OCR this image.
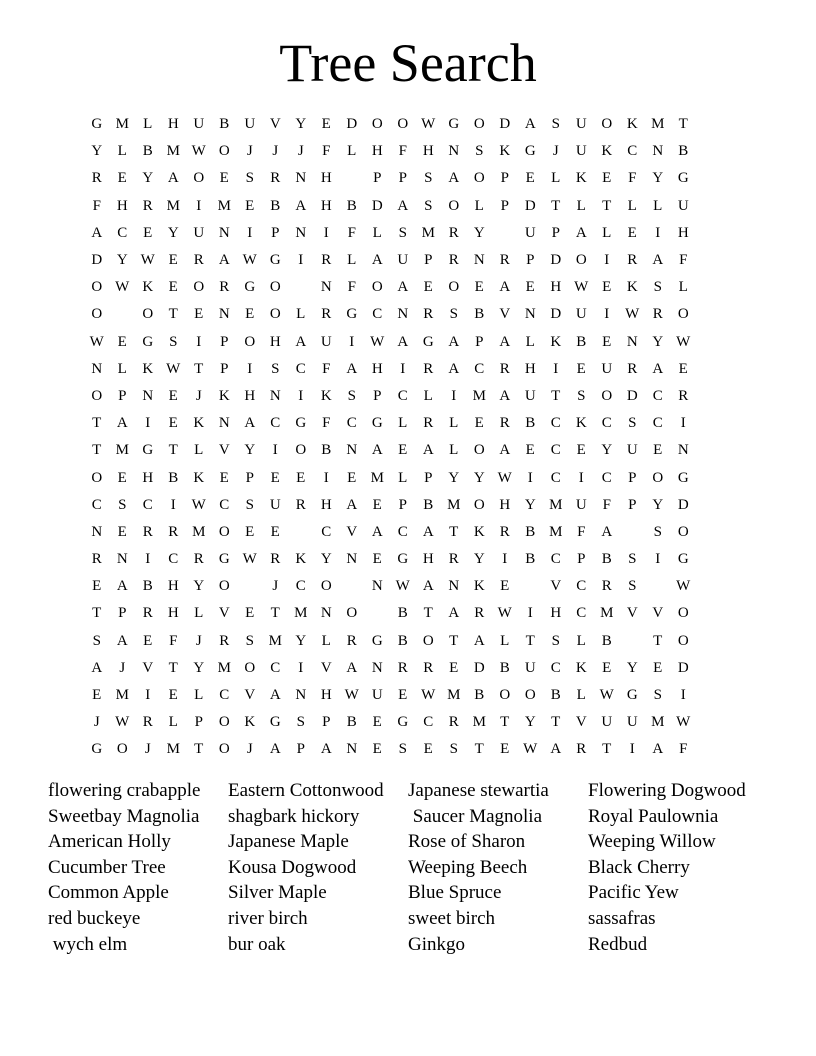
Tree Search
G M L	H U	B	U V Y	E	D O O W G O D A	S	U O K M T
Y	L	B M W O	J	J	J	F	L	H	F	H N	S	K G	J	U K	C	N	B
R	E	Y A O	E	S	R	N H	P	P	S	A O	P	E	L	K	E	F	Y G
F	H	R M	I	M E	B	A H	B	D A	S	O	L	P	D	T	L	T	L	L	U
A	C	E	Y U N	I	P	N	I	F	L	S M R	Y	U	P	A	L	E	I	H
D Y W E	R	A W G	I	R	L	A U	P	R	N	R	P	D O	I	R	A	F
O W K	E	O	R	G O	N	F	O A	E	O	E	A	E	H W E	K	S	L
O	O	T	E	N	E	O	L	R	G	C	N	R	S	B	V N D U	I	W R	O
W E	G	S	I	P	O H A U	I	W A G A	P	A	L	K	B	E	N Y W
N	L	K W T	P	I	S	C	F	A H	I	R	A	C	R	H	I	E	U	R	A	E
O	P	N	E	J	K H N	I	K	S	P	C	L	I	M A U	T	S	O D	C	R
T	A	I	E	K N A	C	G	F	C	G	L	R	L	E	R	B	C	K	C	S	C	I
T M G	T	L	V Y	I	O	B	N A	E	A	L	O A	E	C	E	Y U	E	N
O	E	H	B	K	E	P	E	E	I	E M L	P	Y Y W	I	C	I	C	P	O G
C	S	C	I	W C	S	U	R	H A	E	P	B M O H Y M U	F	P	Y D
N	E	R	R M O	E	E	C	V A	C	A	T	K	R	B M F	A	S	O
R	N	I	C	R	G W R	K Y N	E	G H	R	Y	I	B	C	P	B	S	I	G
E	A	B	H Y O	J	C	O	N W A N K	E	V	C	R	S	W
T	P	R	H	L	V	E	T M N O	B	T	A	R W	I	H	C M V V O
S	A	E	F	J	R	S M Y	L	R	G	B	O	T	A	L	T	S	L	B	T	O
A	J	V	T	Y M O	C	I	V A N	R	R	E	D	B	U	C	K	E	Y	E	D
E M	I	E	L	C	V A N H W U	E W M B	O O	B	L W G	S	I
J	W R	L	P	O K G	S	P	B	E	G	C	R M T	Y	T	V U U M W
G O	J	M T	O	J	A	P	A N	E	S	E	S	T	E W A	R	T	I	A	F
flowering crabapple	Eastern Cottonwood	Japanese stewartia	Flowering Dogwood
Sweetbay Magnolia	shagbark hickory	Saucer Magnolia	Royal Paulownia
American Holly	Japanese Maple	Rose of Sharon	Weeping Willow
Cucumber Tree	Kousa Dogwood	Weeping Beech	Black Cherry
Common Apple	Silver Maple	Blue Spruce	Pacific Yew
red buckeye	river birch	sweet birch	sassafras
wych elm	bur oak	Ginkgo	Redbud
